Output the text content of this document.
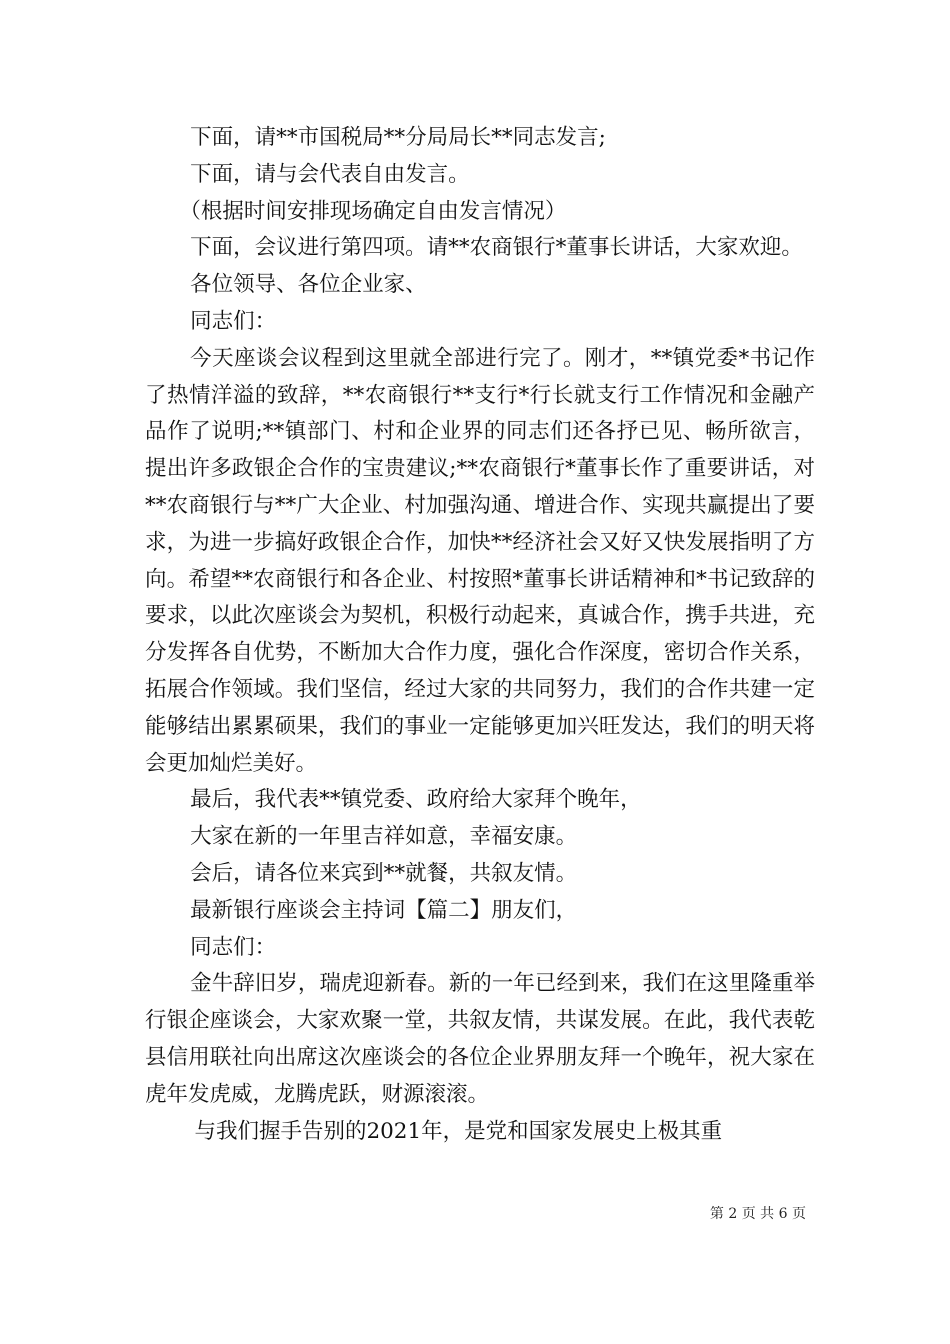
下面，请**市国税局**分局局长**同志发言;

下面，请与会代表自由发言。

（根据时间安排现场确定自由发言情况）

下面，会议进行第四项。请**农商银行*董事长讲话，大家欢迎。

各位领导、各位企业家、

同志们：

今天座谈会议程到这里就全部进行完了。刚才，**镇党委*书记作了热情洋溢的致辞，**农商银行**支行*行长就支行工作情况和金融产品作了说明;**镇部门、村和企业界的同志们还各抒已见、畅所欲言，提出许多政银企合作的宝贵建议;**农商银行*董事长作了重要讲话，对**农商银行与**广大企业、村加强沟通、增进合作、实现共赢提出了要求，为进一步搞好政银企合作，加快**经济社会又好又快发展指明了方向。希望**农商银行和各企业、村按照*董事长讲话精神和*书记致辞的要求，以此次座谈会为契机，积极行动起来，真诚合作，携手共进，充分发挥各自优势，不断加大合作力度，强化合作深度，密切合作关系，拓展合作领域。我们坚信，经过大家的共同努力，我们的合作共建一定能够结出累累硕果，我们的事业一定能够更加兴旺发达，我们的明天将会更加灿烂美好。

最后，我代表**镇党委、政府给大家拜个晚年，

大家在新的一年里吉祥如意，幸福安康。

会后，请各位来宾到**就餐，共叙友情。

最新银行座谈会主持词【篇二】朋友们，

同志们：

金牛辞旧岁，瑞虎迎新春。新的一年已经到来，我们在这里隆重举行银企座谈会，大家欢聚一堂，共叙友情，共谋发展。在此，我代表乾县信用联社向出席这次座谈会的各位企业界朋友拜一个晚年，祝大家在虎年发虎威，龙腾虎跃，财源滚滚。

与我们握手告别的2021年，是党和国家发展史上极其重

第 2 页 共 6 页
